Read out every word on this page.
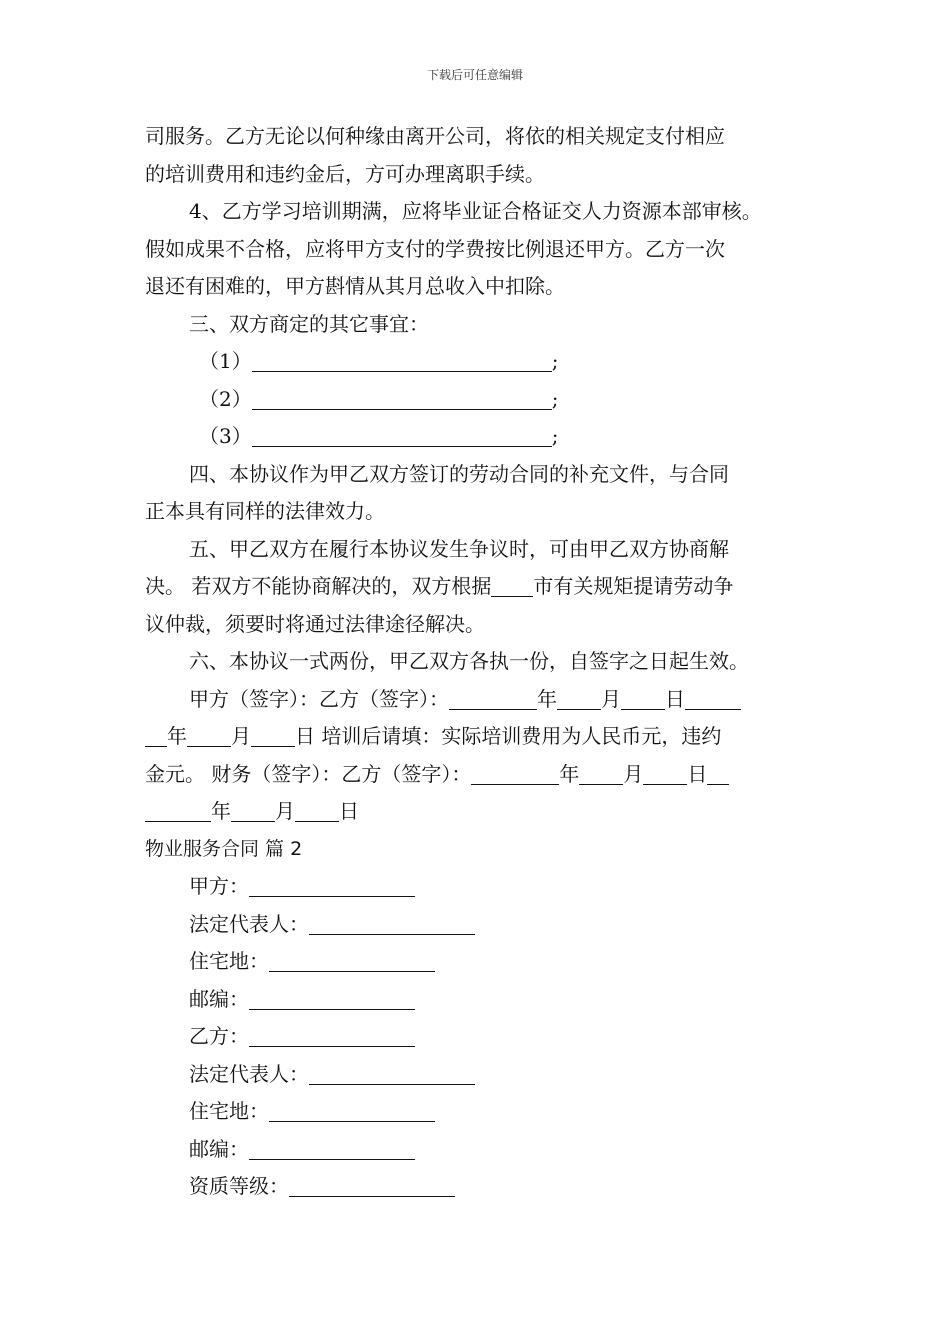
下载后可任意编辑
司服务。乙方无论以何种缘由离开公司，将依的相关规定支付相应
的培训费用和违约金后，方可办理离职手续。
4、乙方学习培训期满，应将毕业证合格证交人力资源本部审核。
假如成果不合格，应将甲方支付的学费按比例退还甲方。乙方一次
退还有困难的，甲方斟情从其月总收入中扣除。
三、双方商定的其它事宜：
（1）	;
（2）	;
（3）	;
四、本协议作为甲乙双方签订的劳动合同的补充文件，与合同
正本具有同样的法律效力。
五、甲乙双方在履行本协议发生争议时，可由甲乙双方协商解
决。 若双方不能协商解决的，双方根据 市有关规矩提请劳动争
议仲裁，须要时将通过法律途径解决。
六、本协议一式两份，甲乙双方各执一份，自签字之日起生效。
甲方（签字）：乙方（签字）：	年 月 日
年 月 日 培训后请填：实际培训费用为人民币元，违约
金元。 财务（签字）：乙方（签字）：	年 月 日
年 月 日
物业服务合同 篇 2
甲方：
法定代表人：
住宅地：
邮编：
乙方：
法定代表人：
住宅地：
邮编：
资质等级：
